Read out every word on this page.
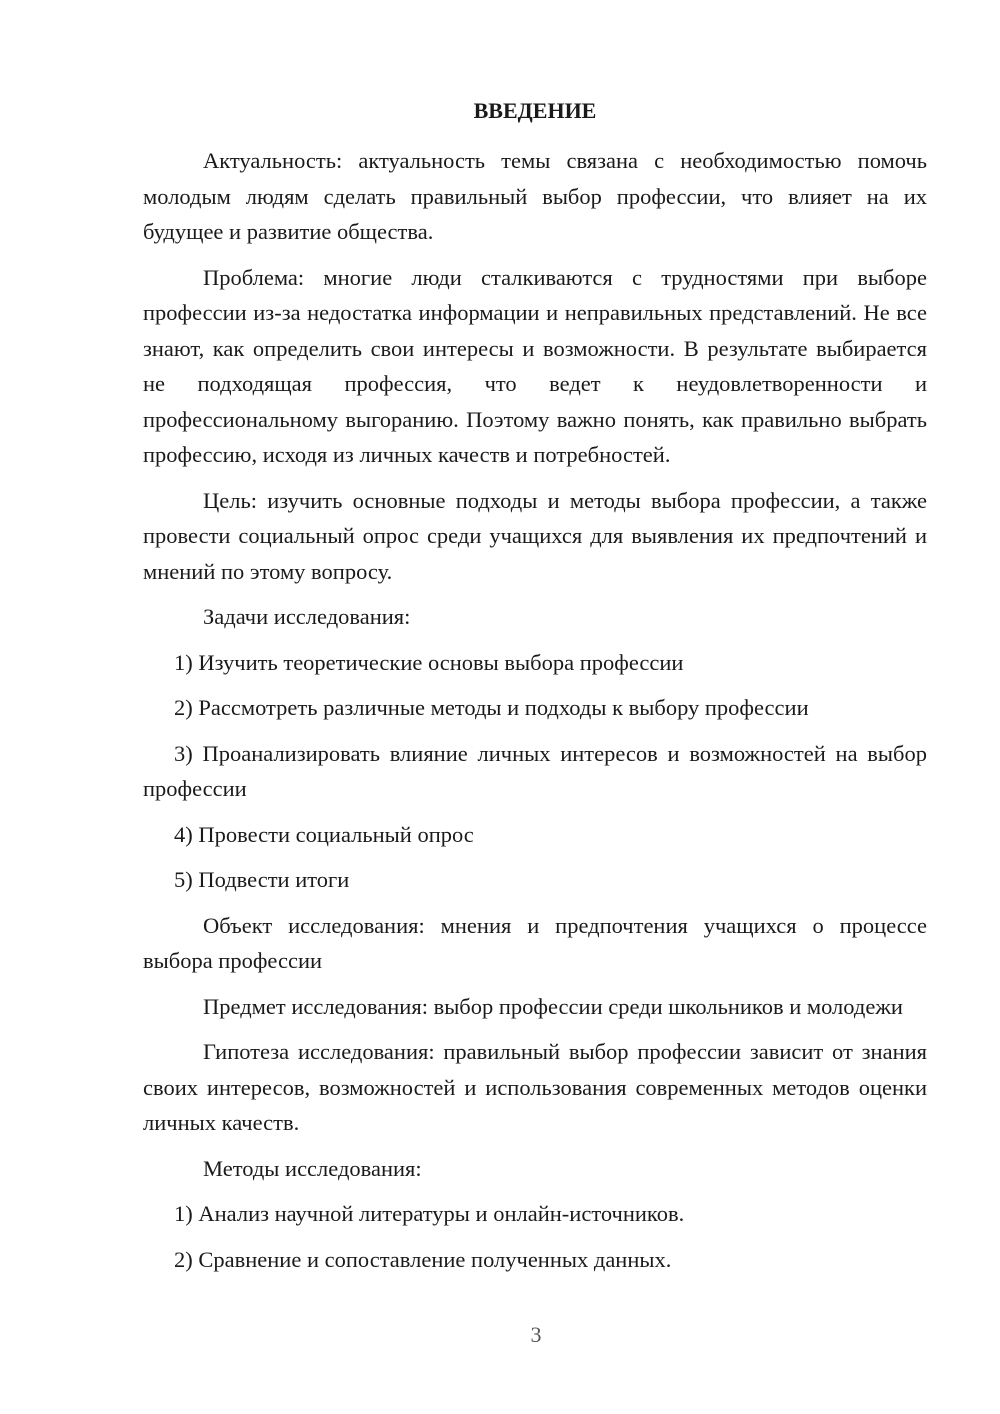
ВВЕДЕНИЕ

Актуальность: актуальность темы связана с необходимостью помочь молодым людям сделать правильный выбор профессии, что влияет на их будущее и развитие общества.

Проблема: многие люди сталкиваются с трудностями при выборе профессии из-за недостатка информации и неправильных представлений. Не все знают, как определить свои интересы и возможности. В результате выбирается не подходящая профессия, что ведет к неудовлетворенности и профессиональному выгоранию. Поэтому важно понять, как правильно выбрать профессию, исходя из личных качеств и потребностей.

Цель: изучить основные подходы и методы выбора профессии, а также провести социальный опрос среди учащихся для выявления их предпочтений и мнений по этому вопросу.

Задачи исследования:

1) Изучить теоретические основы выбора профессии

2) Рассмотреть различные методы и подходы к выбору профессии

3) Проанализировать влияние личных интересов и возможностей на выбор профессии

4) Провести социальный опрос

5) Подвести итоги

Объект исследования: мнения и предпочтения учащихся о процессе выбора профессии

Предмет исследования: выбор профессии среди школьников и молодежи

Гипотеза исследования: правильный выбор профессии зависит от знания своих интересов, возможностей и использования современных методов оценки личных качеств.

Методы исследования:

1) Анализ научной литературы и онлайн-источников.

2) Сравнение и сопоставление полученных данных.

3
